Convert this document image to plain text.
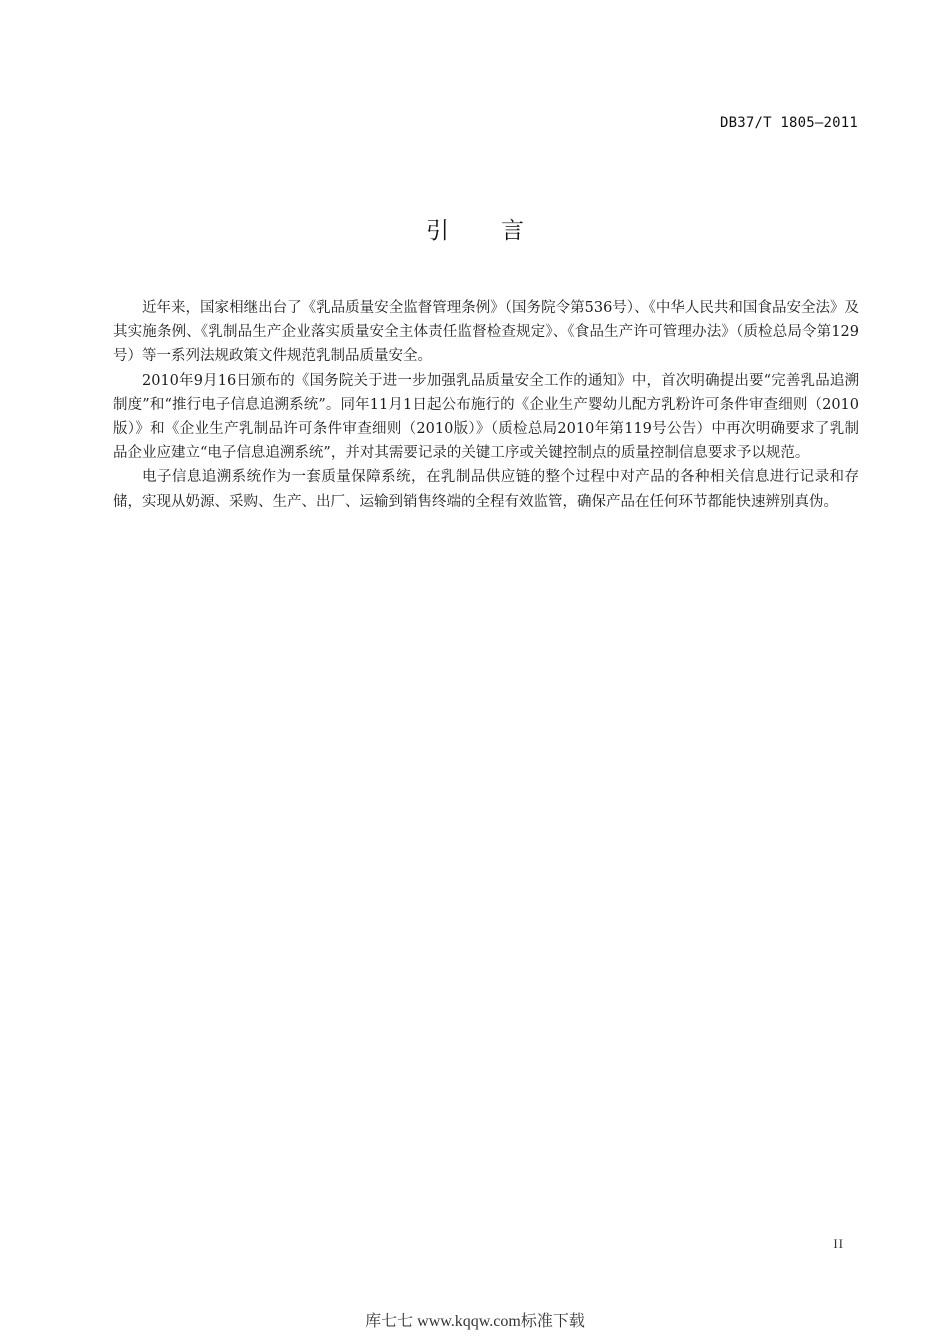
DB37/T 1805—2011
引言

近年来，国家相继出台了《乳品质量安全监督管理条例》（国务院令第536号）、《中华人民共和国食品安全法》及其实施条例、《乳制品生产企业落实质量安全主体责任监督检查规定》、《食品生产许可管理办法》（质检总局令第129号）等一系列法规政策文件规范乳制品质量安全。

2010年9月16日颁布的《国务院关于进一步加强乳品质量安全工作的通知》中，首次明确提出要“完善乳品追溯制度”和“推行电子信息追溯系统”。同年11月1日起公布施行的《企业生产婴幼儿配方乳粉许可条件审查细则（2010版）》和《企业生产乳制品许可条件审查细则（2010版）》（质检总局2010年第119号公告）中再次明确要求了乳制品企业应建立“电子信息追溯系统”，并对其需要记录的关键工序或关键控制点的质量控制信息要求予以规范。

电子信息追溯系统作为一套质量保障系统，在乳制品供应链的整个过程中对产品的各种相关信息进行记录和存储，实现从奶源、采购、生产、出厂、运输到销售终端的全程有效监管，确保产品在任何环节都能快速辨别真伪。

II
库七七 www.kqqw.com标准下载
